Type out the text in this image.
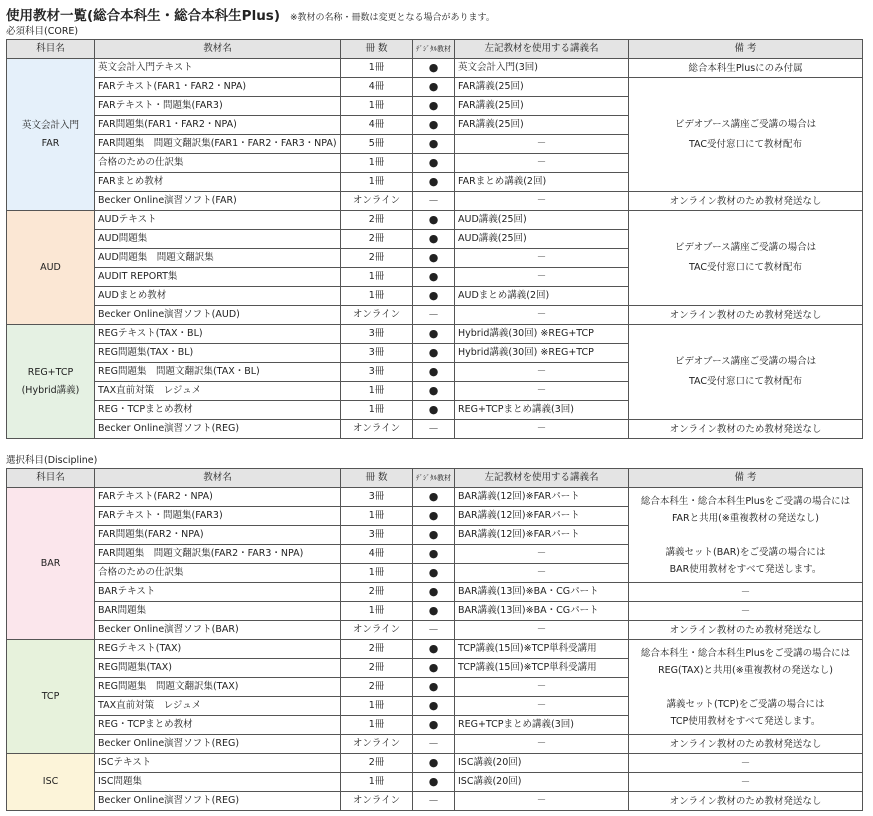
使用教材一覧(総合本科生・総合本科生Plus) ※教材の名称・冊数は変更となる場合があります。
必須科目(CORE)
科目名	教材名	冊 数	ﾃﾞｼﾞﾀﾙ教材	左記教材を使用する講義名	備 考
英文会計入門
FAR	英文会計入門テキスト	1冊	●	英文会計入門(3回)	総合本科生Plusにのみ付属
	FARテキスト(FAR1・FAR2・NPA)	4冊	●	FAR講義(25回)	ビデオブース講座ご受講の場合は
TAC受付窓口にて教材配布
	FARテキスト・問題集(FAR3)	1冊	●	FAR講義(25回)	
	FAR問題集(FAR1・FAR2・NPA)	4冊	●	FAR講義(25回)	
	FAR問題集　問題文翻訳集(FAR1・FAR2・FAR3・NPA)	5冊	●	－	
	合格のための仕訳集	1冊	●	－	
	FARまとめ教材	1冊	●	FARまとめ講義(2回)	
	Becker Online演習ソフト(FAR)	オンライン	－	－	オンライン教材のため教材発送なし
AUD	AUDテキスト	2冊	●	AUD講義(25回)	ビデオブース講座ご受講の場合は
TAC受付窓口にて教材配布
	AUD問題集	2冊	●	AUD講義(25回)	
	AUD問題集　問題文翻訳集	2冊	●	－	
	AUDIT REPORT集	1冊	●	－	
	AUDまとめ教材	1冊	●	AUDまとめ講義(2回)	
	Becker Online演習ソフト(AUD)	オンライン	－	－	オンライン教材のため教材発送なし
REG+TCP
(Hybrid講義)	REGテキスト(TAX・BL)	3冊	●	Hybrid講義(30回) ※REG+TCP	ビデオブース講座ご受講の場合は
TAC受付窓口にて教材配布
	REG問題集(TAX・BL)	3冊	●	Hybrid講義(30回) ※REG+TCP	
	REG問題集　問題文翻訳集(TAX・BL)	3冊	●	－	
	TAX直前対策　レジュメ	1冊	●	－	
	REG・TCPまとめ教材	1冊	●	REG+TCPまとめ講義(3回)	
	Becker Online演習ソフト(REG)	オンライン	－	－	オンライン教材のため教材発送なし
選択科目(Discipline)
科目名	教材名	冊 数	ﾃﾞｼﾞﾀﾙ教材	左記教材を使用する講義名	備 考
BAR	FARテキスト(FAR2・NPA)	3冊	●	BAR講義(12回)※FARパート	総合本科生・総合本科生Plusをご受講の場合には
FARと共用(※重複教材の発送なし)

講義セット(BAR)をご受講の場合には
BAR使用教材をすべて発送します。
	FARテキスト・問題集(FAR3)	1冊	●	BAR講義(12回)※FARパート	
	FAR問題集(FAR2・NPA)	3冊	●	BAR講義(12回)※FARパート	
	FAR問題集　問題文翻訳集(FAR2・FAR3・NPA)	4冊	●	－	
	合格のための仕訳集	1冊	●	－	
	BARテキスト	2冊	●	BAR講義(13回)※BA・CGパート	－
	BAR問題集	1冊	●	BAR講義(13回)※BA・CGパート	－
	Becker Online演習ソフト(BAR)	オンライン	－	－	オンライン教材のため教材発送なし
TCP	REGテキスト(TAX)	2冊	●	TCP講義(15回)※TCP単科受講用	総合本科生・総合本科生Plusをご受講の場合には
REG(TAX)と共用(※重複教材の発送なし)

講義セット(TCP)をご受講の場合には
TCP使用教材をすべて発送します。
	REG問題集(TAX)	2冊	●	TCP講義(15回)※TCP単科受講用	
	REG問題集　問題文翻訳集(TAX)	2冊	●	－	
	TAX直前対策　レジュメ	1冊	●	－	
	REG・TCPまとめ教材	1冊	●	REG+TCPまとめ講義(3回)	
	Becker Online演習ソフト(REG)	オンライン	－	－	オンライン教材のため教材発送なし
ISC	ISCテキスト	2冊	●	ISC講義(20回)	－
	ISC問題集	1冊	●	ISC講義(20回)	－
	Becker Online演習ソフト(REG)	オンライン	－	－	オンライン教材のため教材発送なし
